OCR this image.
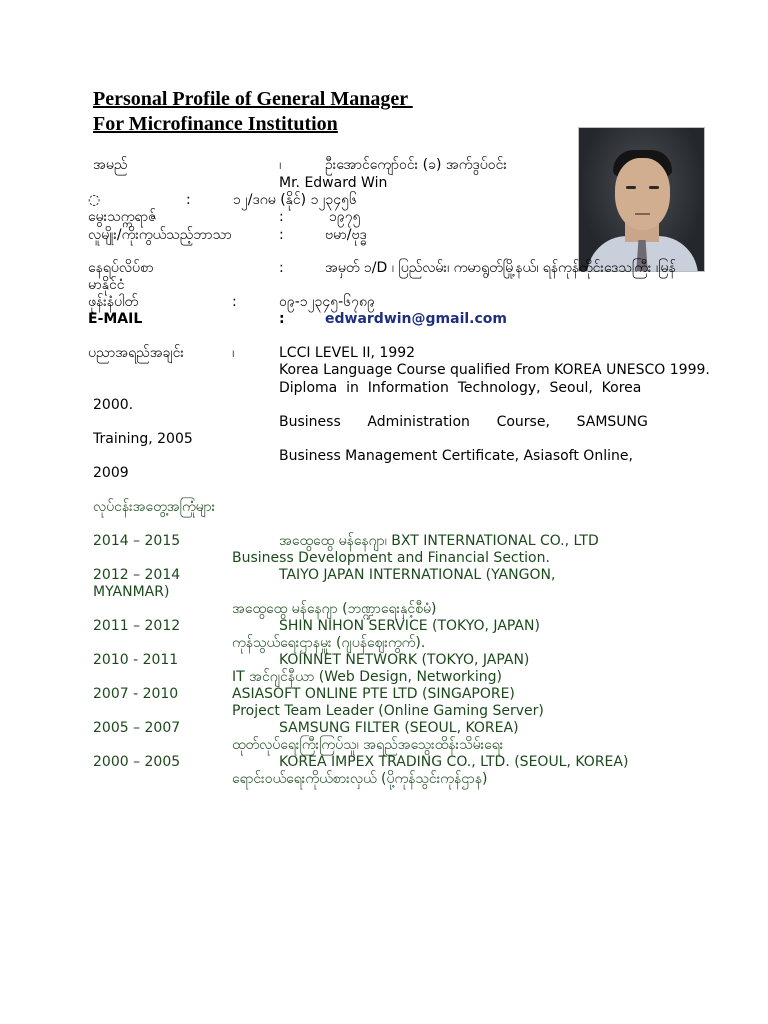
Personal Profile of General Manager
For Microfinance Institution
အမည်	၊	ဦးအောင်ကျော်ဝင်း (ခ) အက်ဒွပ်ဝင်း
Mr. Edward Win
◌	:	၁၂/ဒဂမ (နိုင်) ၁၂၃၄၅၆
မွေးသက္ကရာဇ်	:	၁၉၇၅
လူမျိုး/ကိုးကွယ်သည့်ဘာသာ	:	ဗမာ/ဗုဒ္ဓ
နေရပ်လိပ်စာ	:	အမှတ် ၁/D ၊ ပြည်လမ်း၊ ကမာရွတ်မြို့နယ်၊ ရန်ကုန်တိုင်းဒေသကြီး ၊မြန်
မာနိုင်ငံ
ဖုန်းနံပါတ်	:	၀၉-၁၂၃၄၅-၆၇၈၉
E-MAIL	:	edwardwin@gmail.com
ပညာအရည်အချင်း	၊	LCCI LEVEL II, 1992
Korea Language Course qualified From KOREA UNESCO 1999.
Diploma  in  Information  Technology,  Seoul,  Korea
2000.
Business      Administration      Course,      SAMSUNG
Training, 2005
Business Management Certificate, Asiasoft Online,
2009
လုပ်ငန်းအတွေ့အကြုံများ
2014 – 2015	အထွေထွေ မန်နေဂျာ၊ BXT INTERNATIONAL CO., LTD
Business Development and Financial Section.
2012 – 2014	TAIYO JAPAN INTERNATIONAL (YANGON,
MYANMAR)
အထွေထွေ မန်နေဂျာ (ဘဏ္ဍာရေးနှင့်စီမံ)
2011 – 2012	SHIN NIHON SERVICE (TOKYO, JAPAN)
ကုန်သွယ်ရေးဌာနမှူး (ဂျပန်ဈေးကွက်).
2010 - 2011	KOINNET NETWORK (TOKYO, JAPAN)
IT အင်ဂျင်နီယာ (Web Design, Networking)
2007 - 2010	ASIASOFT ONLINE PTE LTD (SINGAPORE)
Project Team Leader (Online Gaming Server)
2005 – 2007	SAMSUNG FILTER (SEOUL, KOREA)
ထုတ်လုပ်ရေးကြီးကြပ်သူ၊ အရည်အသွေးထိန်းသိမ်းရေး
2000 – 2005	KOREA IMPEX TRADING CO., LTD. (SEOUL, KOREA)
ရောင်းဝယ်ရေးကိုယ်စားလှယ် (ပို့ကုန်သွင်းကုန်ဌာန)
